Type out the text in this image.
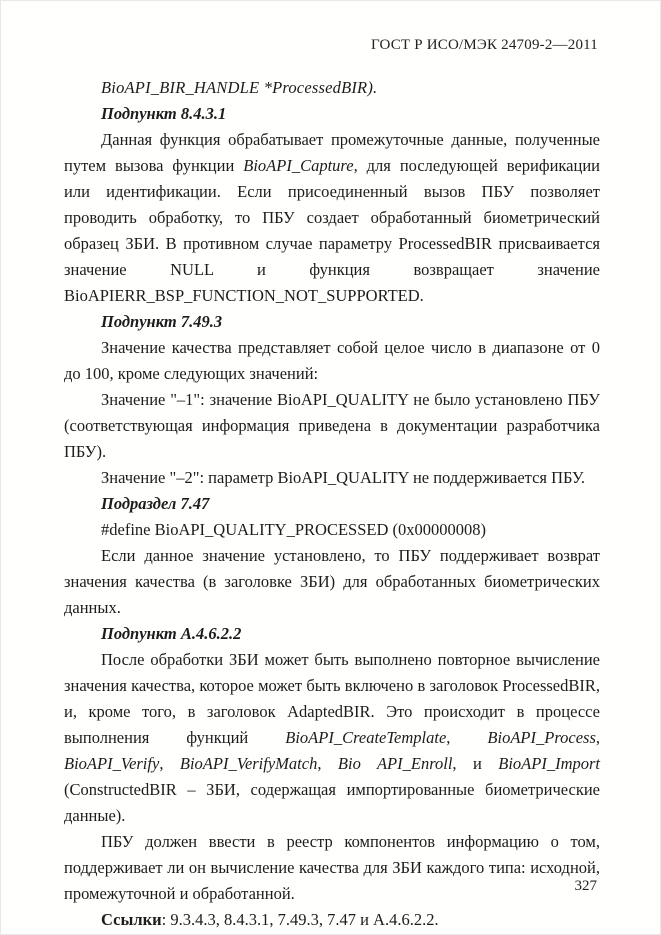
ГОСТ Р ИСО/МЭК 24709-2—2011
BioAPI_BIR_HANDLE *ProcessedBIR).
Подпункт 8.4.3.1
Данная функция обрабатывает промежуточные данные, полученные путем вызова функции BioAPI_Capture, для последующей верификации или идентификации. Если присоединенный вызов ПБУ позволяет проводить обработку, то ПБУ создает обработанный биометрический образец ЗБИ. В противном случае параметру ProcessedBIR присваивается значение NULL и функция возвращает значение BioAPIERR_BSP_FUNCTION_NOT_SUPPORTED.
Подпункт 7.49.3
Значение качества представляет собой целое число в диапазоне от 0 до 100, кроме следующих значений:
Значение "–1": значение BioAPI_QUALITY не было установлено ПБУ (соответствующая информация приведена в документации разработчика ПБУ).
Значение "–2": параметр BioAPI_QUALITY не поддерживается ПБУ.
Подраздел 7.47
#define BioAPI_QUALITY_PROCESSED (0x00000008)
Если данное значение установлено, то ПБУ поддерживает возврат значения качества (в заголовке ЗБИ) для обработанных биометрических данных.
Подпункт А.4.6.2.2
После обработки ЗБИ может быть выполнено повторное вычисление значения качества, которое может быть включено в заголовок ProcessedBIR, и, кроме того, в заголовок AdaptedBIR. Это происходит в процессе выполнения функций BioAPI_CreateTemplate, BioAPI_Process, BioAPI_Verify, BioAPI_VerifyMatch, Bio API_Enroll, и BioAPI_Import (ConstructedBIR – ЗБИ, содержащая импортированные биометрические данные).
ПБУ должен ввести в реестр компонентов информацию о том, поддерживает ли он вычисление качества для ЗБИ каждого типа: исходной, промежуточной и обработанной.
Ссылки: 9.3.4.3, 8.4.3.1, 7.49.3, 7.47 и А.4.6.2.2.
327
